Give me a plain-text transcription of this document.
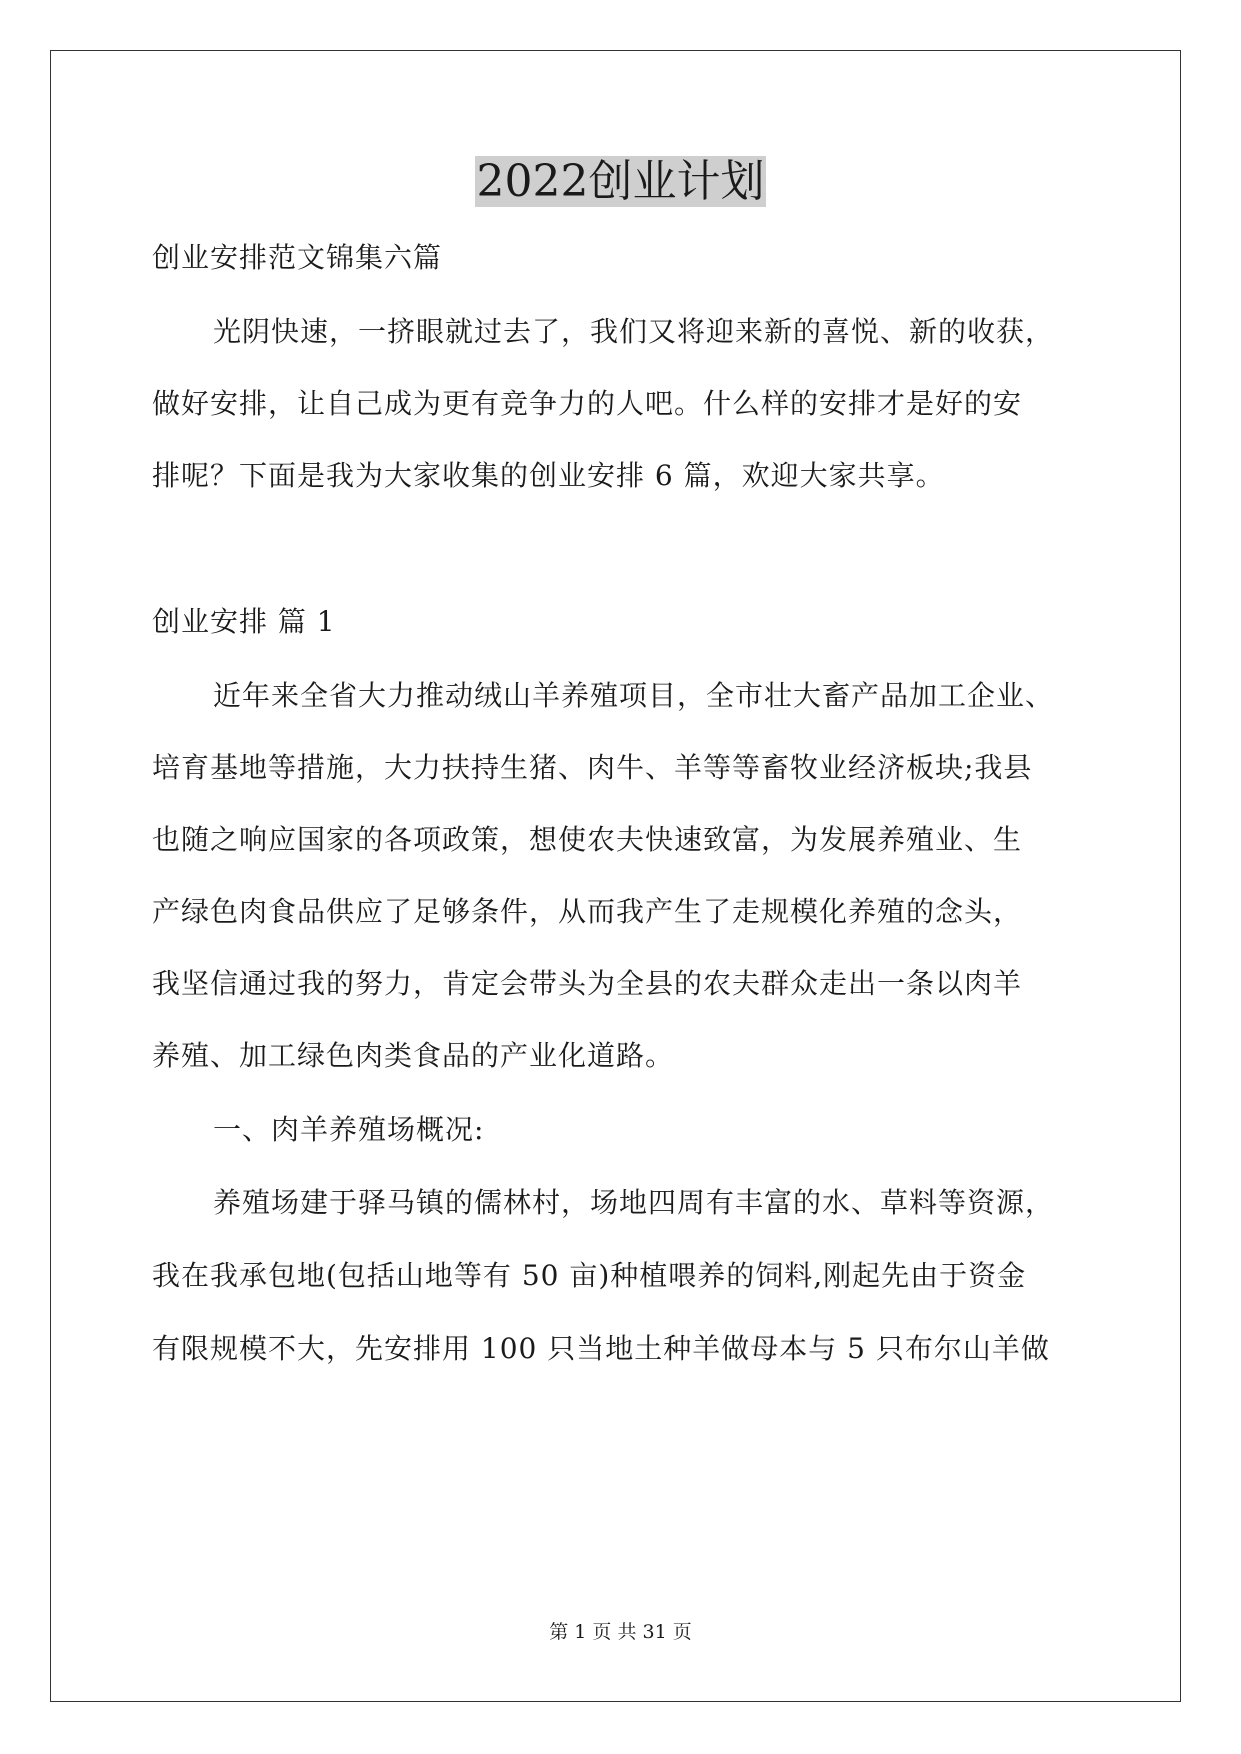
2022创业计划
创业安排范文锦集六篇
光阴快速，一挤眼就过去了，我们又将迎来新的喜悦、新的收获，
做好安排，让自己成为更有竞争力的人吧。什么样的安排才是好的安
排呢？下面是我为大家收集的创业安排 6 篇，欢迎大家共享。
创业安排 篇 1
近年来全省大力推动绒山羊养殖项目，全市壮大畜产品加工企业、
培育基地等措施，大力扶持生猪、肉牛、羊等等畜牧业经济板块;我县
也随之响应国家的各项政策，想使农夫快速致富，为发展养殖业、生
产绿色肉食品供应了足够条件，从而我产生了走规模化养殖的念头，
我坚信通过我的努力，肯定会带头为全县的农夫群众走出一条以肉羊
养殖、加工绿色肉类食品的产业化道路。
一、肉羊养殖场概况:
养殖场建于驿马镇的儒林村，场地四周有丰富的水、草料等资源，
我在我承包地(包括山地等有 50 亩)种植喂养的饲料,刚起先由于资金
有限规模不大，先安排用 100 只当地土种羊做母本与 5 只布尔山羊做
第 1 页 共 31 页
